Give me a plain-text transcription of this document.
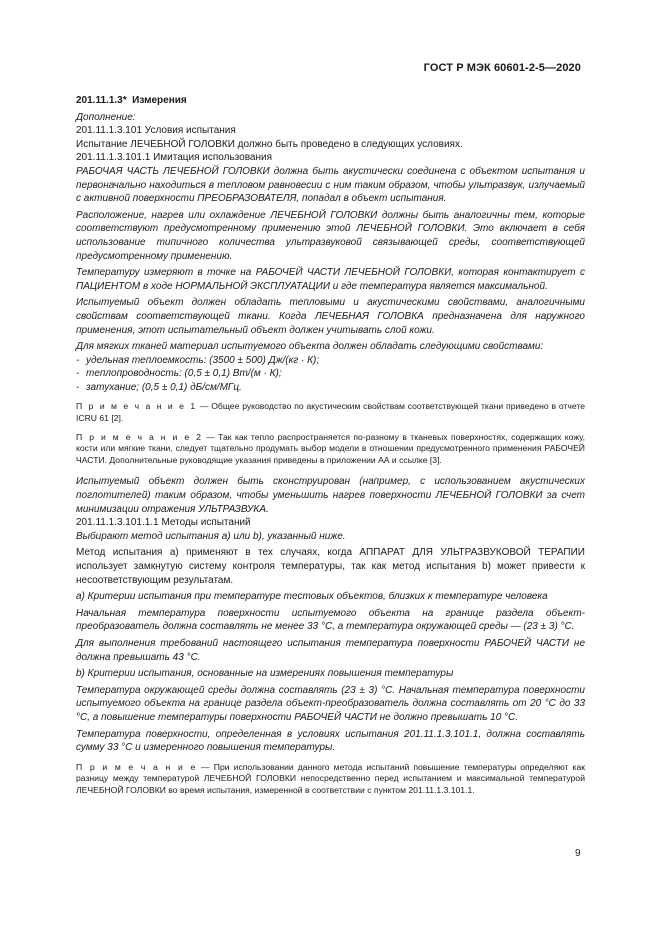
ГОСТ Р МЭК 60601-2-5—2020

201.11.1.3* Измерения

Дополнение:

201.11.1.3.101 Условия испытания

Испытание ЛЕЧЕБНОЙ ГОЛОВКИ должно быть проведено в следующих условиях.

201.11.1.3.101.1 Имитация использования

РАБОЧАЯ ЧАСТЬ ЛЕЧЕБНОЙ ГОЛОВКИ должна быть акустически соединена с объектом испытания и первоначально находиться в тепловом равновесии с ним таким образом, чтобы ультразвук, излучаемый с активной поверхности ПРЕОБРАЗОВАТЕЛЯ, попадал в объект испытания.

Расположение, нагрев или охлаждение ЛЕЧЕБНОЙ ГОЛОВКИ должны быть аналогичны тем, которые соответствуют предусмотренному применению этой ЛЕЧЕБНОЙ ГОЛОВКИ. Это включает в себя использование типичного количества ультразвуковой связывающей среды, соответствующей предусмотренному применению.

Температуру измеряют в точке на РАБОЧЕЙ ЧАСТИ ЛЕЧЕБНОЙ ГОЛОВКИ, которая контактирует с ПАЦИЕНТОМ в ходе НОРМАЛЬНОЙ ЭКСПЛУАТАЦИИ и где температура является максимальной.

Испытуемый объект должен обладать тепловыми и акустическими свойствами, аналогичными свойствам соответствующей ткани. Когда ЛЕЧЕБНАЯ ГОЛОВКА предназначена для наружного применения, этот испытательный объект должен учитывать слой кожи.

Для мягких тканей материал испытуемого объекта должен обладать следующими свойствами:

- удельная теплоемкость: (3500 ± 500) Дж/(кг · К);
- теплопроводность: (0,5 ± 0,1) Вт/(м · К);
- затухание; (0,5 ± 0,1) дБ/см/МГц.

П р и м е ч а н и е 1 — Общее руководство по акустическим свойствам соответствующей ткани приведено в отчете ICRU 61 [2].

П р и м е ч а н и е 2 — Так как тепло распространяется по-разному в тканевых поверхностях, содержащих кожу, кости или мягкие ткани, следует тщательно продумать выбор модели в отношении предусмотренного применения РАБОЧЕЙ ЧАСТИ. Дополнительные руководящие указания приведены в приложении АА и ссылке [3].

Испытуемый объект должен быть сконструирован (например, с использованием акустических поглотителей) таким образом, чтобы уменьшить нагрев поверхности ЛЕЧЕБНОЙ ГОЛОВКИ за счет минимизации отражения УЛЬТРАЗВУКА.

201.11.1.3.101.1.1 Методы испытаний

Выбирают метод испытания a) или b), указанный ниже.

Метод испытания a) применяют в тех случаях, когда АППАРАТ ДЛЯ УЛЬТРАЗВУКОВОЙ ТЕРАПИИ использует замкнутую систему контроля температуры, так как метод испытания b) может привести к несоответствующим результатам.

a) Критерии испытания при температуре тестовых объектов, близких к температуре человека

Начальная температура поверхности испытуемого объекта на границе раздела объект-преобразователь должна составлять не менее 33 °С, а температура окружающей среды — (23 ± 3) °С.

Для выполнения требований настоящего испытания температура поверхности РАБОЧЕЙ ЧАСТИ не должна превышать 43 °С.

b) Критерии испытания, основанные на измерениях повышения температуры

Температура окружающей среды должна составлять (23 ± 3) °С. Начальная температура поверхности испытуемого объекта на границе раздела объект-преобразователь должна составлять от 20 °С до 33 °С, а повышение температуры поверхности РАБОЧЕЙ ЧАСТИ не должно превышать 10 °С.

Температура поверхности, определенная в условиях испытания 201.11.1.3.101.1, должна составлять сумму 33 °С и измеренного повышения температуры.

П р и м е ч а н и е — При использовании данного метода испытаний повышение температуры определяют как разницу между температурой ЛЕЧЕБНОЙ ГОЛОВКИ непосредственно перед испытанием и максимальной температурой ЛЕЧЕБНОЙ ГОЛОВКИ во время испытания, измеренной в соответствии с пунктом 201.11.1.3.101.1.

9
